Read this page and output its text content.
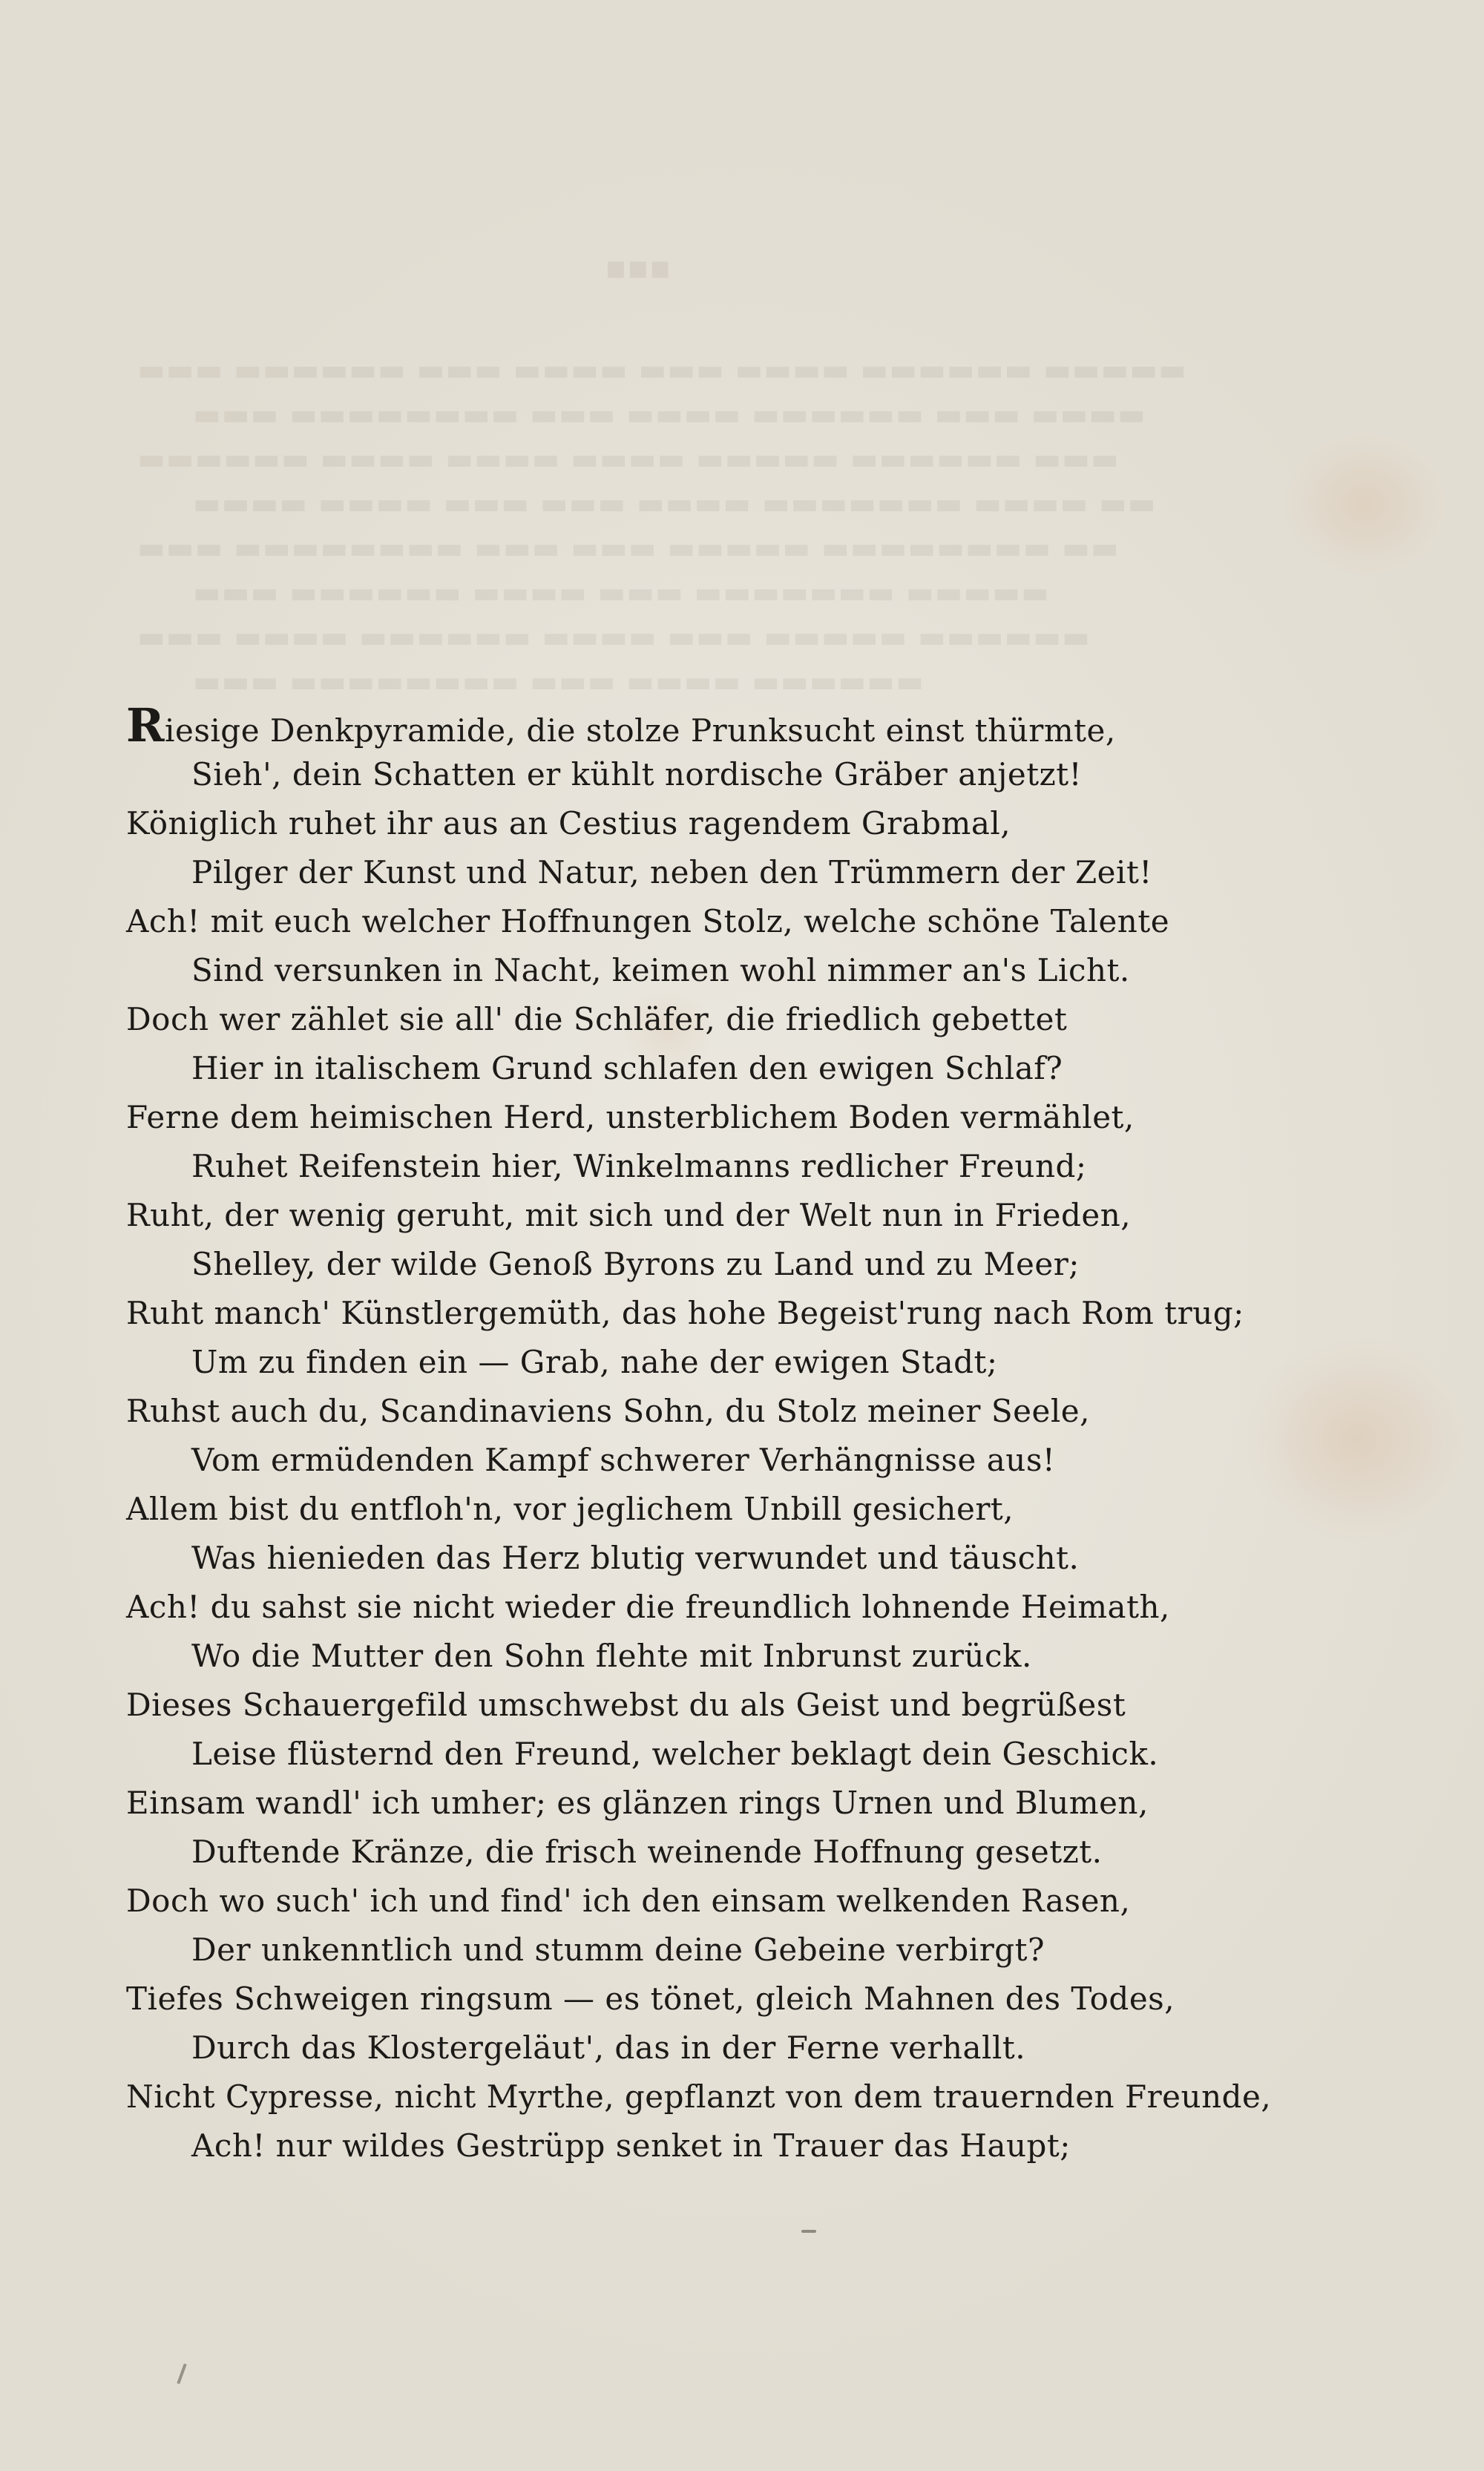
▪▪▪
▬▬▬ ▬▬▬▬▬▬ ▬▬▬ ▬▬▬▬ ▬▬▬ ▬▬▬▬ ▬▬▬▬▬▬ ▬▬▬▬▬
▬▬▬ ▬▬▬▬▬▬▬▬ ▬▬▬ ▬▬▬▬ ▬▬▬▬▬▬ ▬▬▬ ▬▬▬▬
▬▬▬▬▬▬ ▬▬▬▬ ▬▬▬▬ ▬▬▬▬ ▬▬▬▬▬ ▬▬▬▬▬▬ ▬▬▬
▬▬▬▬ ▬▬▬▬ ▬▬▬ ▬▬▬ ▬▬▬▬ ▬▬▬▬▬▬▬ ▬▬▬▬ ▬▬
▬▬▬ ▬▬▬▬▬▬▬▬ ▬▬▬ ▬▬▬ ▬▬▬▬▬ ▬▬▬▬▬▬▬▬ ▬▬
▬▬▬ ▬▬▬▬▬▬ ▬▬▬▬ ▬▬▬ ▬▬▬▬▬▬▬ ▬▬▬▬▬
▬▬▬ ▬▬▬▬ ▬▬▬▬▬▬ ▬▬▬▬ ▬▬▬ ▬▬▬▬▬ ▬▬▬▬▬▬
▬▬▬ ▬▬▬▬▬▬▬▬ ▬▬▬ ▬▬▬▬ ▬▬▬▬▬▬
Riesige Denkpyramide, die stolze Prunksucht einst thürmte,
Sieh', dein Schatten er kühlt nordische Gräber anjetzt!
Königlich ruhet ihr aus an Cestius ragendem Grabmal,
Pilger der Kunst und Natur, neben den Trümmern der Zeit!
Ach! mit euch welcher Hoffnungen Stolz, welche schöne Talente
Sind versunken in Nacht, keimen wohl nimmer an's Licht.
Doch wer zählet sie all' die Schläfer, die friedlich gebettet
Hier in italischem Grund schlafen den ewigen Schlaf?
Ferne dem heimischen Herd, unsterblichem Boden vermählet,
Ruhet Reifenstein hier, Winkelmanns redlicher Freund;
Ruht, der wenig geruht, mit sich und der Welt nun in Frieden,
Shelley, der wilde Genoß Byrons zu Land und zu Meer;
Ruht manch' Künstlergemüth, das hohe Begeist'rung nach Rom trug;
Um zu finden ein — Grab, nahe der ewigen Stadt;
Ruhst auch du, Scandinaviens Sohn, du Stolz meiner Seele,
Vom ermüdenden Kampf schwerer Verhängnisse aus!
Allem bist du entfloh'n, vor jeglichem Unbill gesichert,
Was hienieden das Herz blutig verwundet und täuscht.
Ach! du sahst sie nicht wieder die freundlich lohnende Heimath,
Wo die Mutter den Sohn flehte mit Inbrunst zurück.
Dieses Schauergefild umschwebst du als Geist und begrüßest
Leise flüsternd den Freund, welcher beklagt dein Geschick.
Einsam wandl' ich umher; es glänzen rings Urnen und Blumen,
Duftende Kränze, die frisch weinende Hoffnung gesetzt.
Doch wo such' ich und find' ich den einsam welkenden Rasen,
Der unkenntlich und stumm deine Gebeine verbirgt?
Tiefes Schweigen ringsum — es tönet, gleich Mahnen des Todes,
Durch das Klostergeläut', das in der Ferne verhallt.
Nicht Cypresse, nicht Myrthe, gepflanzt von dem trauernden Freunde,
Ach! nur wildes Gestrüpp senket in Trauer das Haupt;
